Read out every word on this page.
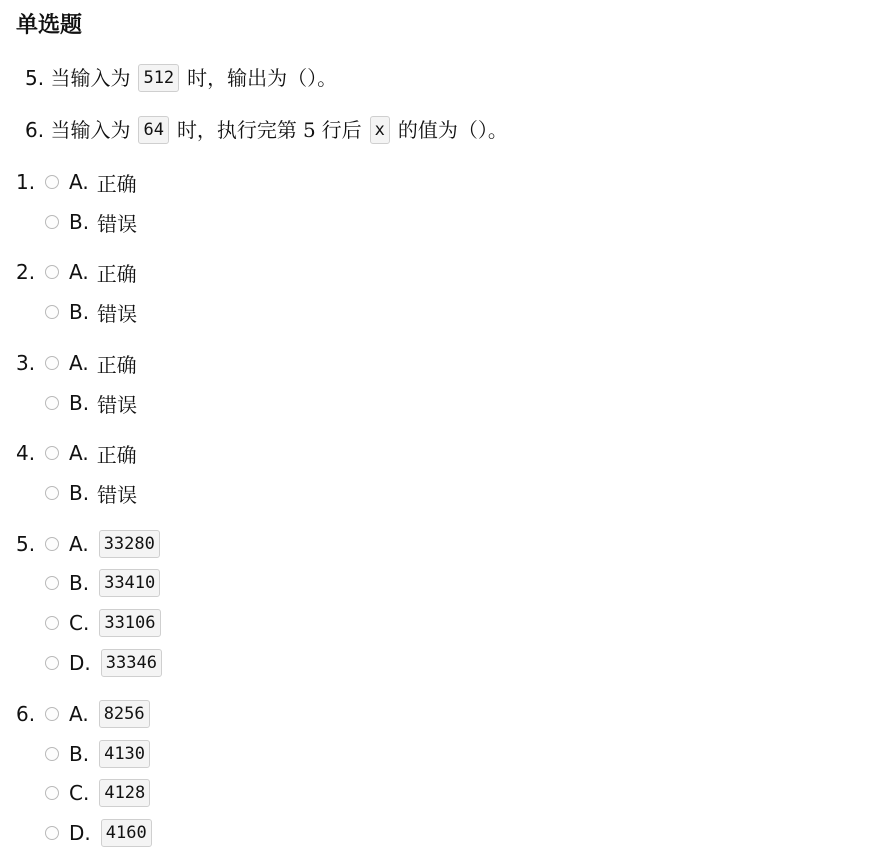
单选题
5. 当输入为 512 时，输出为（）。
6. 当输入为 64 时，执行完第 5 行后 x 的值为（）。
1.	A. 正确
B. 错误
2.	A. 正确
B. 错误
3.	A. 正确
B. 错误
4.	A. 正确
B. 错误
5.	A. 33280
B. 33410
C. 33106
D. 33346
6.	A. 8256
B. 4130
C. 4128
D. 4160
